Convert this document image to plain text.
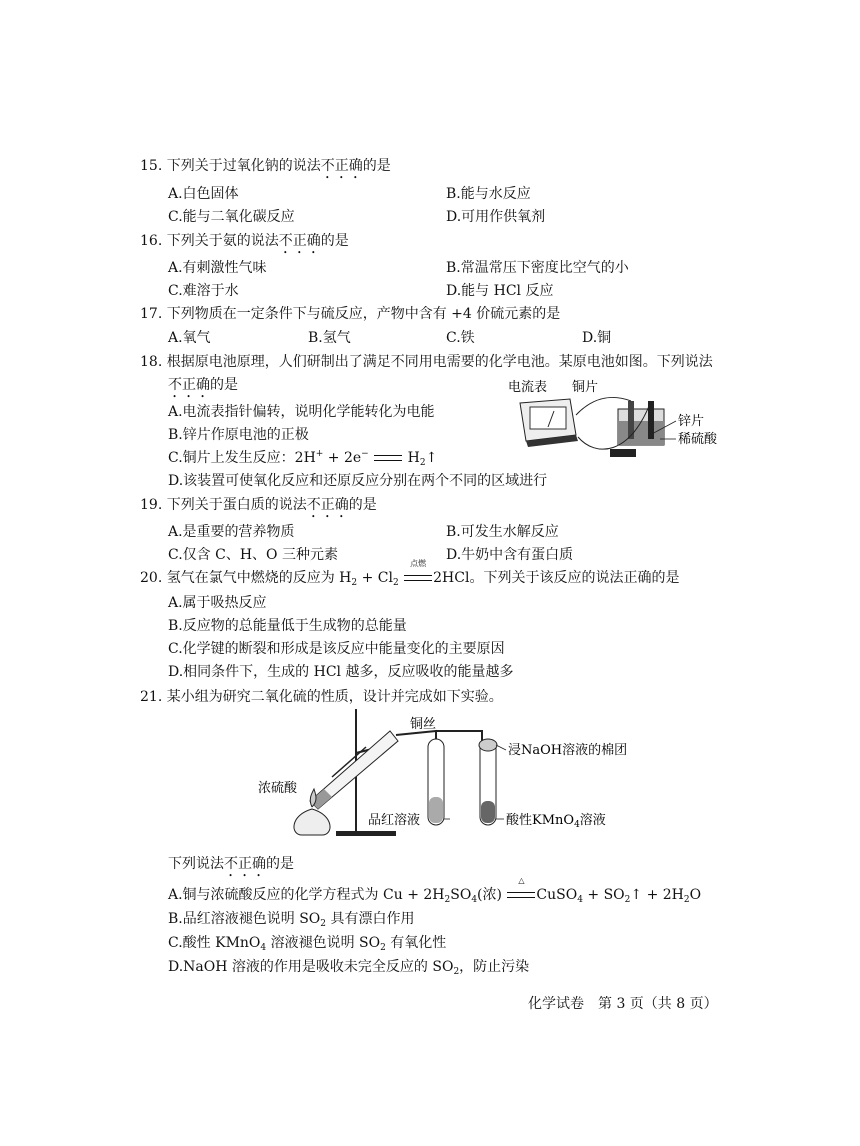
15. 下列关于过氧化钠的说法不正确的是
A.白色固体	B.能与水反应
C.能与二氧化碳反应	D.可用作供氧剂
16. 下列关于氨的说法不正确的是
A.有刺激性气味	B.常温常压下密度比空气的小
C.难溶于水	D.能与 HCl 反应
17. 下列物质在一定条件下与硫反应，产物中含有 +4 价硫元素的是
A.氧气	B.氢气	C.铁	D.铜
18. 根据原电池原理，人们研制出了满足不同用电需要的化学电池。某原电池如图。下列说法
不正确的是
A.电流表指针偏转，说明化学能转化为电能
B.锌片作原电池的正极
C.铜片上发生反应：2H+ + 2e−	$H_2↑$
D.该装置可使氧化反应和还原反应分别在两个不同的区域进行
电流表 铜片
锌片
稀硫酸
19. 下列关于蛋白质的说法不正确的是
A.是重要的营养物质	B.可发生水解反应
C.仅含 C、H、O 三种元素	D.牛奶中含有蛋白质
20. 氢气在氯气中燃烧的反应为 $H_2 + Cl_2$
点燃
2HCl。下列关于该反应的说法正确的是
A.属于吸热反应
B.反应物的总能量低于生成物的总能量
C.化学键的断裂和形成是该反应中能量变化的主要原因
D.相同条件下，生成的 HCl 越多，反应吸收的能量越多
21. 某小组为研究二氧化硫的性质，设计并完成如下实验。
铜丝
浸NaOH溶液的棉团
浓硫酸
品红溶液	酸性KMnO$_4$溶液
下列说法不正确的是
A.铜与浓硫酸反应的化学方程式为 $Cu + 2H_2SO_4$(浓)
△
CuSO$_4$ + $SO_2↑ + 2H_2O$
B.品红溶液褪色说明 $SO_2$ 具有漂白作用
C.酸性 KMnO$_4$ 溶液褪色说明 $SO_2$ 有氧化性
D.NaOH 溶液的作用是吸收未完全反应的 $SO_2$，防止污染
化学试卷　第 3 页（共 8 页）
